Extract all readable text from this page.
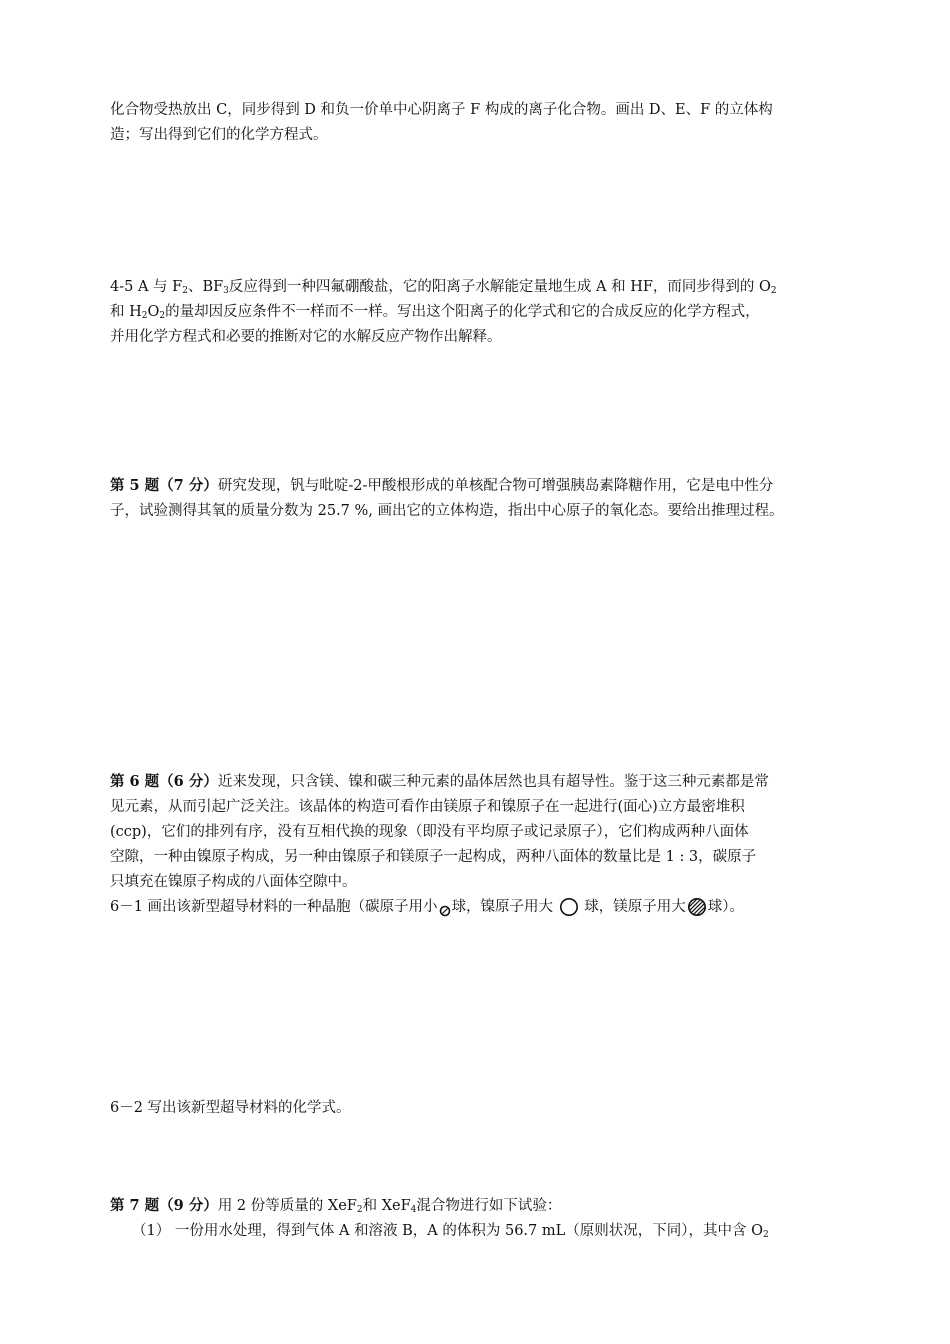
化合物受热放出 C，同步得到 D 和负一价单中心阴离子 F 构成的离子化合物。画出 D、E、F 的立体构
造；写出得到它们的化学方程式。
4-5 A 与 $F_2$、$BF_3$反应得到一种四氟硼酸盐，它的阳离子水解能定量地生成 A 和 HF，而同步得到的 $O_2$
和 $H_2O_2$的量却因反应条件不一样而不一样。写出这个阳离子的化学式和它的合成反应的化学方程式，
并用化学方程式和必要的推断对它的水解反应产物作出解释。
第 5 题（7 分）研究发现，钒与吡啶-2-甲酸根形成的单核配合物可增强胰岛素降糖作用，它是电中性分
子，试验测得其氧的质量分数为 25.7 %, 画出它的立体构造，指出中心原子的氧化态。要给出推理过程。
第 6 题（6 分）近来发现，只含镁、镍和碳三种元素的晶体居然也具有超导性。鉴于这三种元素都是常
见元素，从而引起广泛关注。该晶体的构造可看作由镁原子和镍原子在一起进行(面心)立方最密堆积
(ccp)，它们的排列有序，没有互相代换的现象（即没有平均原子或记录原子），它们构成两种八面体
空隙，一种由镍原子构成，另一种由镍原子和镁原子一起构成，两种八面体的数量比是 1 : 3，碳原子
只填充在镍原子构成的八面体空隙中。
6－1 画出该新型超导材料的一种晶胞（碳原子用小 球，镍原子用大  球，镁原子用大 球）。
6－2 写出该新型超导材料的化学式。
第 7 题（9 分）用 2 份等质量的 XeF$_2$和 XeF$_4$混合物进行如下试验：
（1） 一份用水处理，得到气体 A 和溶液 B，A 的体积为 56.7 mL（原则状况，下同），其中含 $O_2$
